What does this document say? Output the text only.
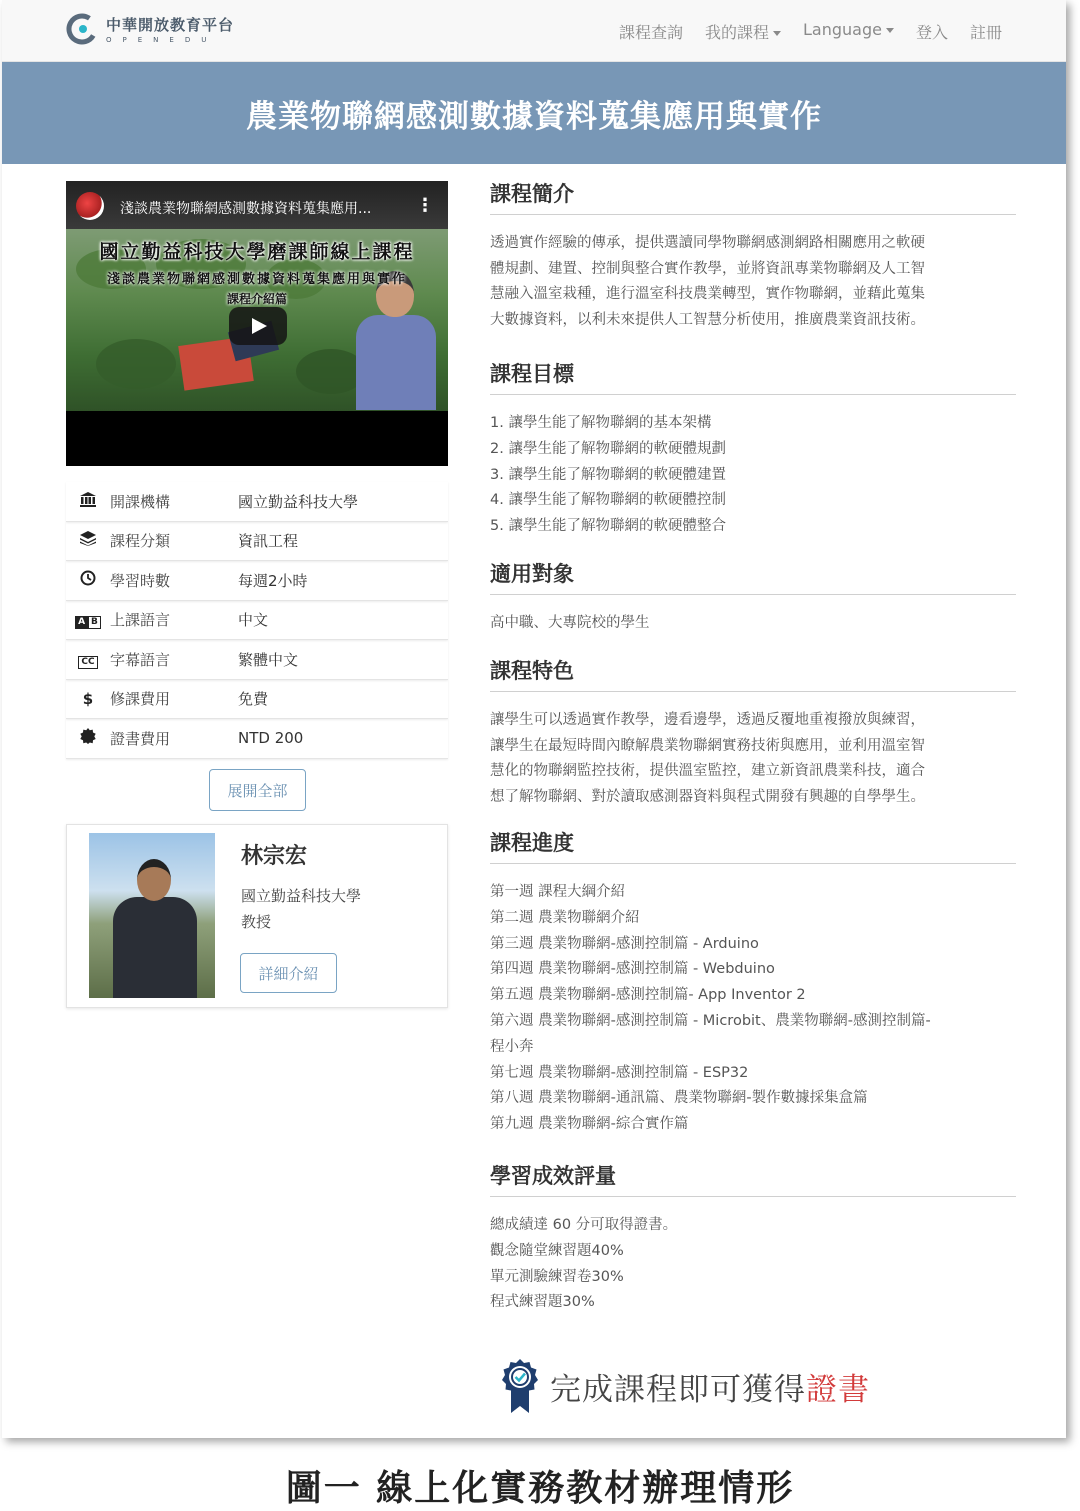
中華開放教育平台
OPENEDU	課程查詢 我的課程	Language	登入 註冊
農業物聯網感測數據資料蒐集應用與實作
淺談農業物聯網感測數據資料蒐集應用... ⋮
國立勤益科技大學磨課師線上課程
淺談農業物聯網感測數據資料蒐集應用與實作
課程介紹篇
開課機構	國立勤益科技大學
課程分類	資訊工程
學習時數	每週2小時
A B 上課語言	中文
CC	字幕語言	繁體中文
$	修課費用	免費
證書費用	NTD 200
展開全部
林宗宏
國立勤益科技大學
教授
詳細介紹
課程簡介
透過實作經驗的傳承，提供選讀同學物聯網感測網路相關應用之軟硬
體規劃、建置、控制與整合實作教學，並將資訊專業物聯網及人工智
慧融入溫室栽種，進行溫室科技農業轉型，實作物聯網，並藉此蒐集
大數據資料，以利未來提供人工智慧分析使用，推廣農業資訊技術。
課程目標
1. 讓學生能了解物聯網的基本架構
2. 讓學生能了解物聯網的軟硬體規劃
3. 讓學生能了解物聯網的軟硬體建置
4. 讓學生能了解物聯網的軟硬體控制
5. 讓學生能了解物聯網的軟硬體整合
適用對象
高中職、大專院校的學生
課程特色
讓學生可以透過實作教學，邊看邊學，透過反覆地重複撥放與練習，
讓學生在最短時間內瞭解農業物聯網實務技術與應用，並利用溫室智
慧化的物聯網監控技術，提供溫室監控，建立新資訊農業科技，適合
想了解物聯網、對於讀取感測器資料與程式開發有興趣的自學學生。
課程進度
第一週 課程大綱介紹
第二週 農業物聯網介紹
第三週 農業物聯網-感測控制篇 - Arduino
第四週 農業物聯網-感測控制篇 - Webduino
第五週 農業物聯網-感測控制篇- App Inventor 2
第六週 農業物聯網-感測控制篇 - Microbit、農業物聯網-感測控制篇-
程小奔
第七週 農業物聯網-感測控制篇 - ESP32
第八週 農業物聯網-通訊篇、農業物聯網-製作數據採集盒篇
第九週 農業物聯網-綜合實作篇
學習成效評量
總成績達 60 分可取得證書。
觀念隨堂練習題40%
單元測驗練習卷30%
程式練習題30%
完成課程即可獲得證書
圖一 線上化實務教材辦理情形
